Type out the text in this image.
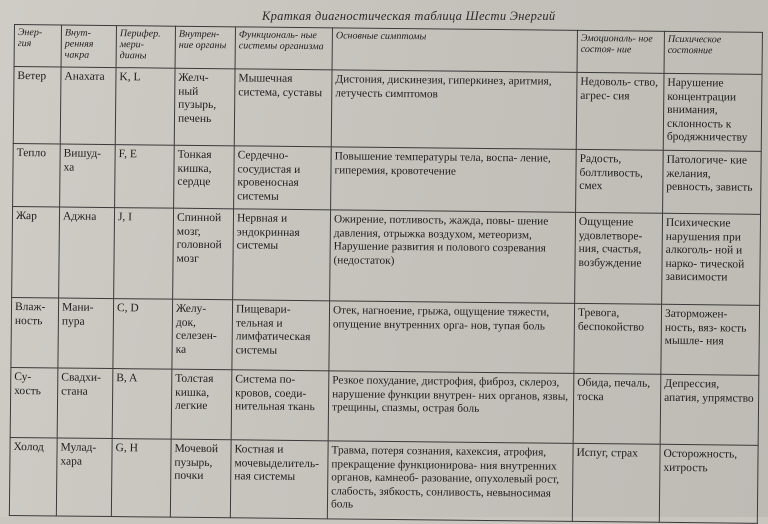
Краткая диагностическая таблица Шести Энергий
Энер- гия	Внут- ренняя чакра	Перифер. мери- дианы	Внутрен- ние органы	Функциональ- ные системы организма	Основные симптомы	Эмоциональ- ное состоя- ние	Психическое состояние
Ветер	Анахата	K, L	Желч- ный пузырь, печень	Мышечная система, суставы	Дистония, дискинезия, гиперкинез, аритмия, летучесть симптомов	Недоволь- ство, агрес- сия	Нарушение концентрации внимания, склонность к бродяжничеству
Тепло	Вишуд- ха	F, E	Тонкая кишка, сердце	Сердечно- сосудистая и кровеносная системы	Повышение температуры тела, воспа- ление, гиперемия, кровотечение	Радость, болтливость, смех	Патологиче- кие желания, ревность, зависть
Жар	Аджна	J, I	Спинной мозг, головной мозг	Нервная и эндокринная системы	Ожирение, потливость, жажда, повы- шение давления, отрыжка воздухом, метеоризм, Нарушение развития и полового созревания (недостаток)	Ощущение удовлетворе- ния, счастья, возбуждение	Психические нарушения при алкоголь- ной и нарко- тической зависимости
Влаж- ность	Мани- пура	C, D	Желу- док, селезен- ка	Пищевари- тельная и лимфатическая системы	Отек, нагноение, грыжа, ощущение тяжести, опущение внутренних орга- нов, тупая боль	Тревога, беспокойство	Заторможен- ность, вяз- кость мышле- ния
Су- хость	Свадхи- стана	B, A	Толстая кишка, легкие	Система по- кровов, соеди- нительная ткань	Резкое похудание, дистрофия, фиброз, склероз, нарушение функции внутрен- них органов, язвы, трещины, спазмы, острая боль	Обида, печаль, тоска	Депрессия, апатия, упрямство
Холод	Мулад- хара	G, H	Мочевой пузырь, почки	Костная и мочевыделитель- ная системы	Травма, потеря сознания, кахексия, атрофия, прекращение функционирова- ния внутренних органов, камнеоб- разование, опухолевый рост, слабость, зябкость, сонливость, невыносимая боль	Испуг, страх	Осторожность, хитрость
